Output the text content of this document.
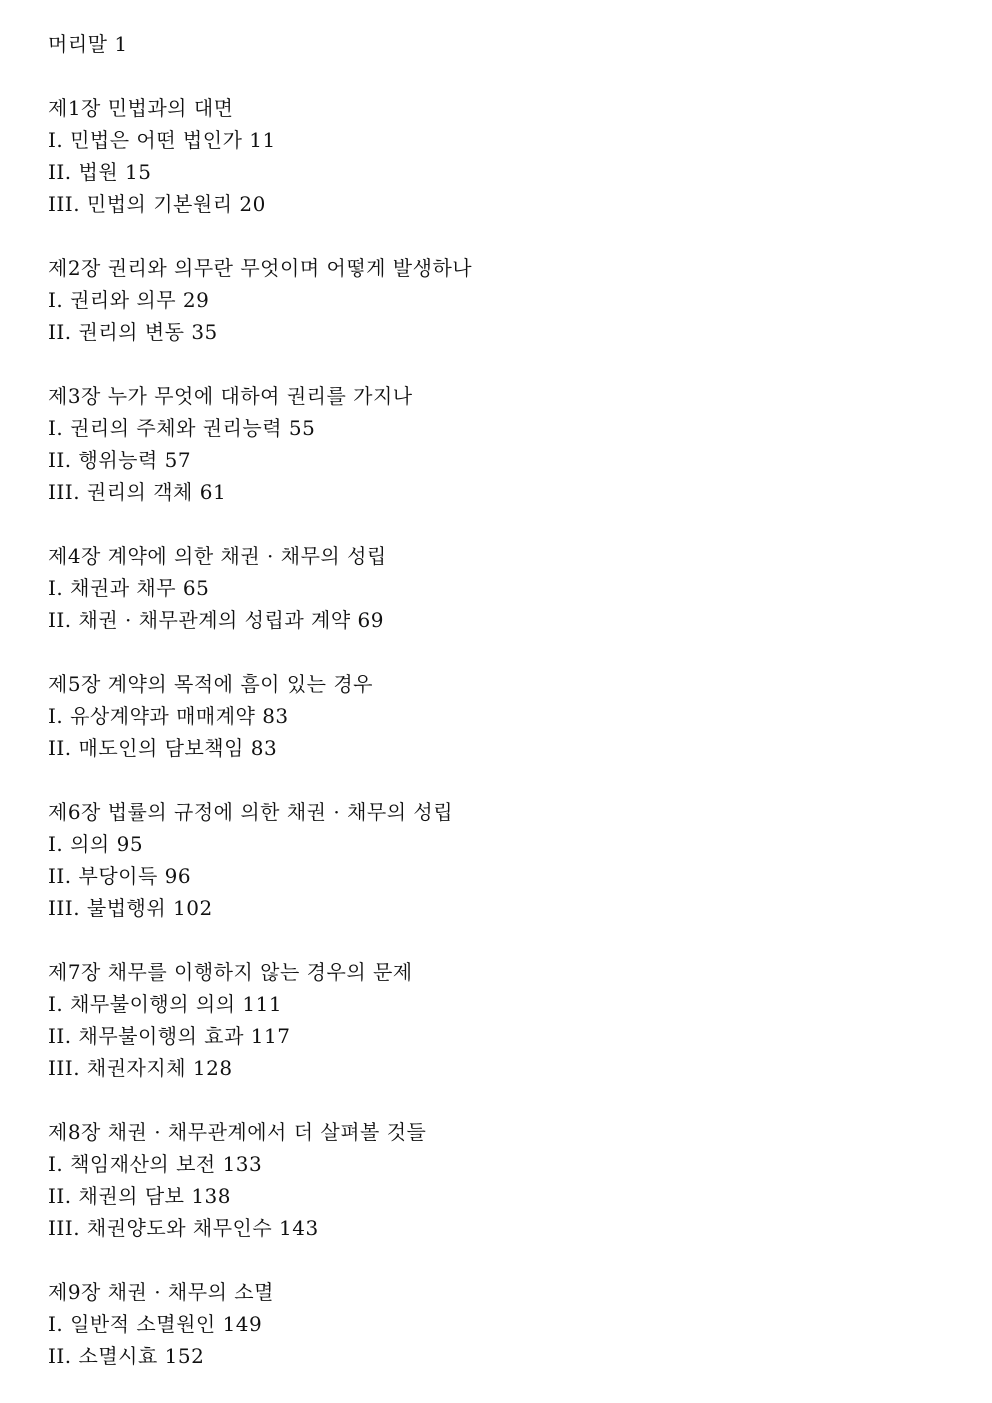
머리말 1
제1장 민법과의 대면
I. 민법은 어떤 법인가 11
II. 법원 15
III. 민법의 기본원리 20
제2장 권리와 의무란 무엇이며 어떻게 발생하나
I. 권리와 의무 29
II. 권리의 변동 35
제3장 누가 무엇에 대하여 권리를 가지나
I. 권리의 주체와 권리능력 55
II. 행위능력 57
III. 권리의 객체 61
제4장 계약에 의한 채권 · 채무의 성립
I. 채권과 채무 65
II. 채권 · 채무관계의 성립과 계약 69
제5장 계약의 목적에 흠이 있는 경우
I. 유상계약과 매매계약 83
II. 매도인의 담보책임 83
제6장 법률의 규정에 의한 채권 · 채무의 성립
I. 의의 95
II. 부당이득 96
III. 불법행위 102
제7장 채무를 이행하지 않는 경우의 문제
I. 채무불이행의 의의 111
II. 채무불이행의 효과 117
III. 채권자지체 128
제8장 채권 · 채무관계에서 더 살펴볼 것들
I. 책임재산의 보전 133
II. 채권의 담보 138
III. 채권양도와 채무인수 143
제9장 채권 · 채무의 소멸
I. 일반적 소멸원인 149
II. 소멸시효 152
